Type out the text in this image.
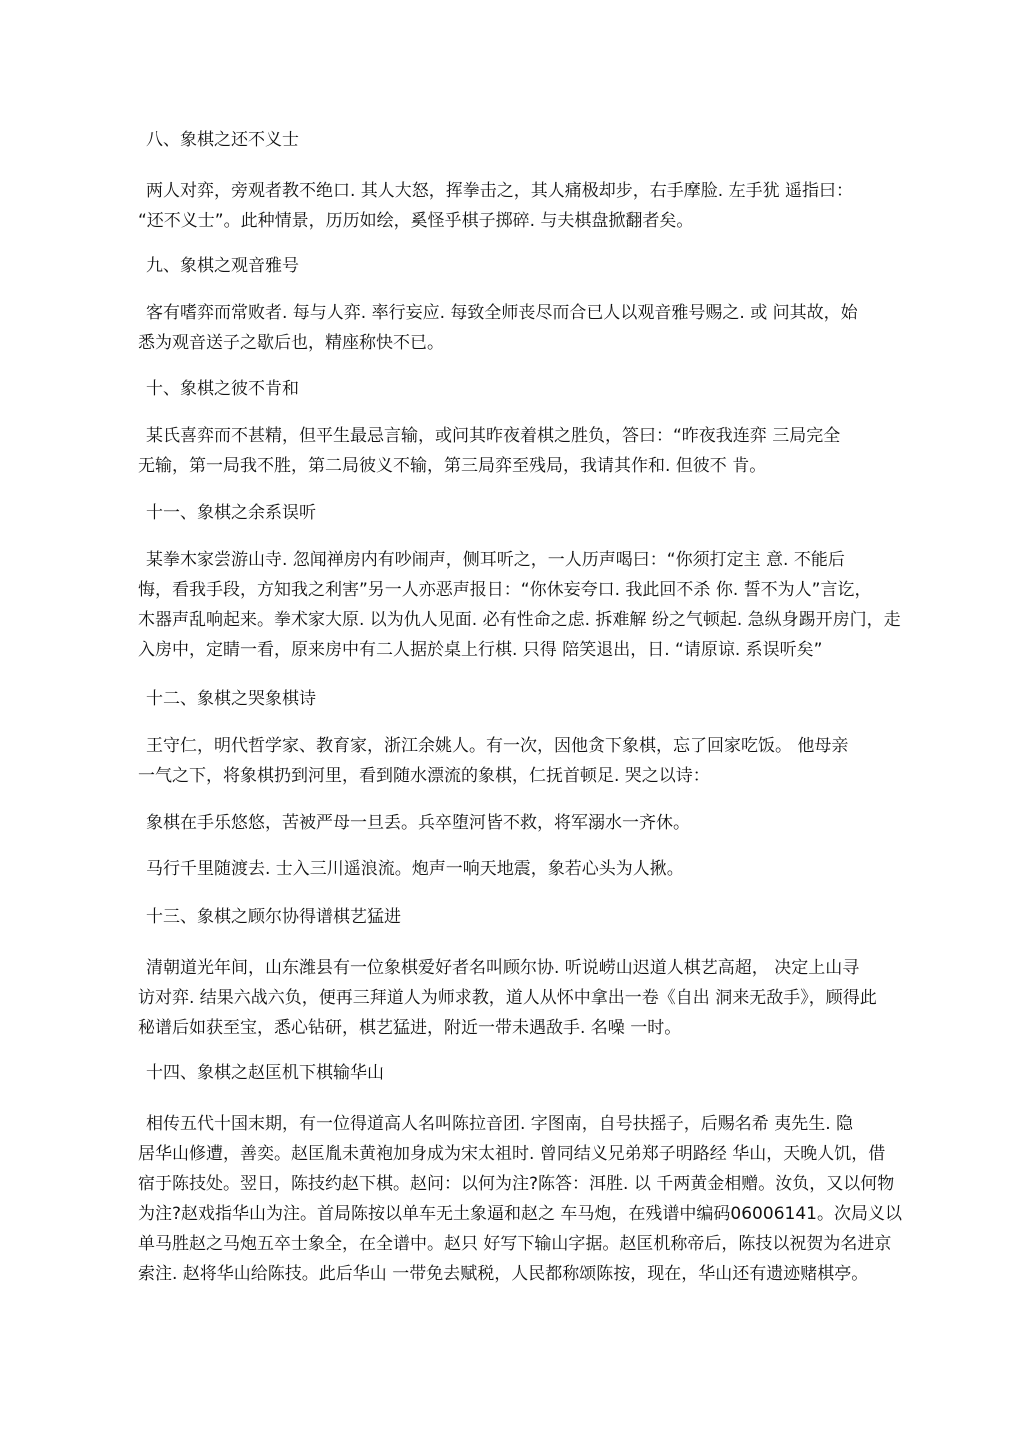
八、象棋之还不义士
两人对弈，旁观者教不绝口. 其人大怒，挥拳击之，其人痛极却步，右手摩脸. 左手犹 遥指曰：
“还不义士”。此种情景，历历如绘，奚怪乎棋子掷碎. 与夫棋盘掀翻者矣。
九、象棋之观音雅号
客有嗜弈而常败者. 每与人弈. 率行妄应. 每致全师丧尽而合已人以观音雅号赐之. 或 问其故，始
悉为观音送子之歇后也，精座称快不已。
十、象棋之彼不肯和
某氏喜弈而不甚精，但平生最忌言输，或问其昨夜着棋之胜负，答曰：“昨夜我连弈 三局完全
无输，第一局我不胜，第二局彼义不输，第三局弈至残局，我请其作和. 但彼不 肯。
十一、象棋之余系误听
某拳木家尝游山寺. 忽闻禅房内有吵闹声，侧耳听之，一人历声喝曰：“你须打定主 意. 不能后
悔，看我手段，方知我之利害”另一人亦恶声报日：“你休妄夸口. 我此回不杀 你. 誓不为人”言讫，
木器声乱响起来。拳术家大原. 以为仇人见面. 必有性命之虑. 拆难解 纷之气顿起. 急纵身踢开房门，走
入房中，定睛一看，原来房中有二人据於桌上行棋. 只得 陪笑退出，日. “请原谅. 系误听矣”
十二、象棋之哭象棋诗
王守仁，明代哲学家、教育家，浙江余姚人。有一次，因他贪下象棋，忘了回家吃饭。 他母亲
一气之下，将象棋扔到河里，看到随水漂流的象棋，仁抚首顿足. 哭之以诗：
象棋在手乐悠悠，苦被严母一旦丢。兵卒堕河皆不救，将军溺水一齐休。
马行千里随渡去. 士入三川遥浪流。炮声一响天地震，象若心头为人揪。
十三、象棋之顾尔协得谱棋艺猛进
清朝道光年间，山东潍县有一位象棋爱好者名叫顾尔协. 听说崂山迟道人棋艺高超， 决定上山寻
访对弈. 结果六战六负，便再三拜道人为师求教，道人从怀中拿出一卷《自出 洞来无敌手》，顾得此
秘谱后如获至宝，悉心钻研，棋艺猛进，附近一带未遇敌手. 名噪 一时。
十四、象棋之赵匡机下棋输华山
相传五代十国末期，有一位得道高人名叫陈拉音团. 字图南，自号扶摇子，后赐名希 夷先生. 隐
居华山修遭，善奕。赵匡胤未黄袍加身成为宋太祖时. 曾同结义兄弟郑子明路经 华山，天晚人饥，借
宿于陈技处。翌日，陈技约赵下棋。赵问：以何为注?陈答：洱胜. 以 千两黄金相赠。汝负，又以何物
为注?赵戏指华山为注。首局陈按以单车无土象逼和赵之 车马炮，在残谱中编码06006141。次局义以
单马胜赵之马炮五卒士象全，在全谱中。赵只 好写下输山字据。赵匡机称帝后，陈技以祝贺为名进京
索注. 赵将华山给陈技。此后华山 一带免去赋税，人民都称颂陈按，现在，华山还有遗迹赌棋亭。
